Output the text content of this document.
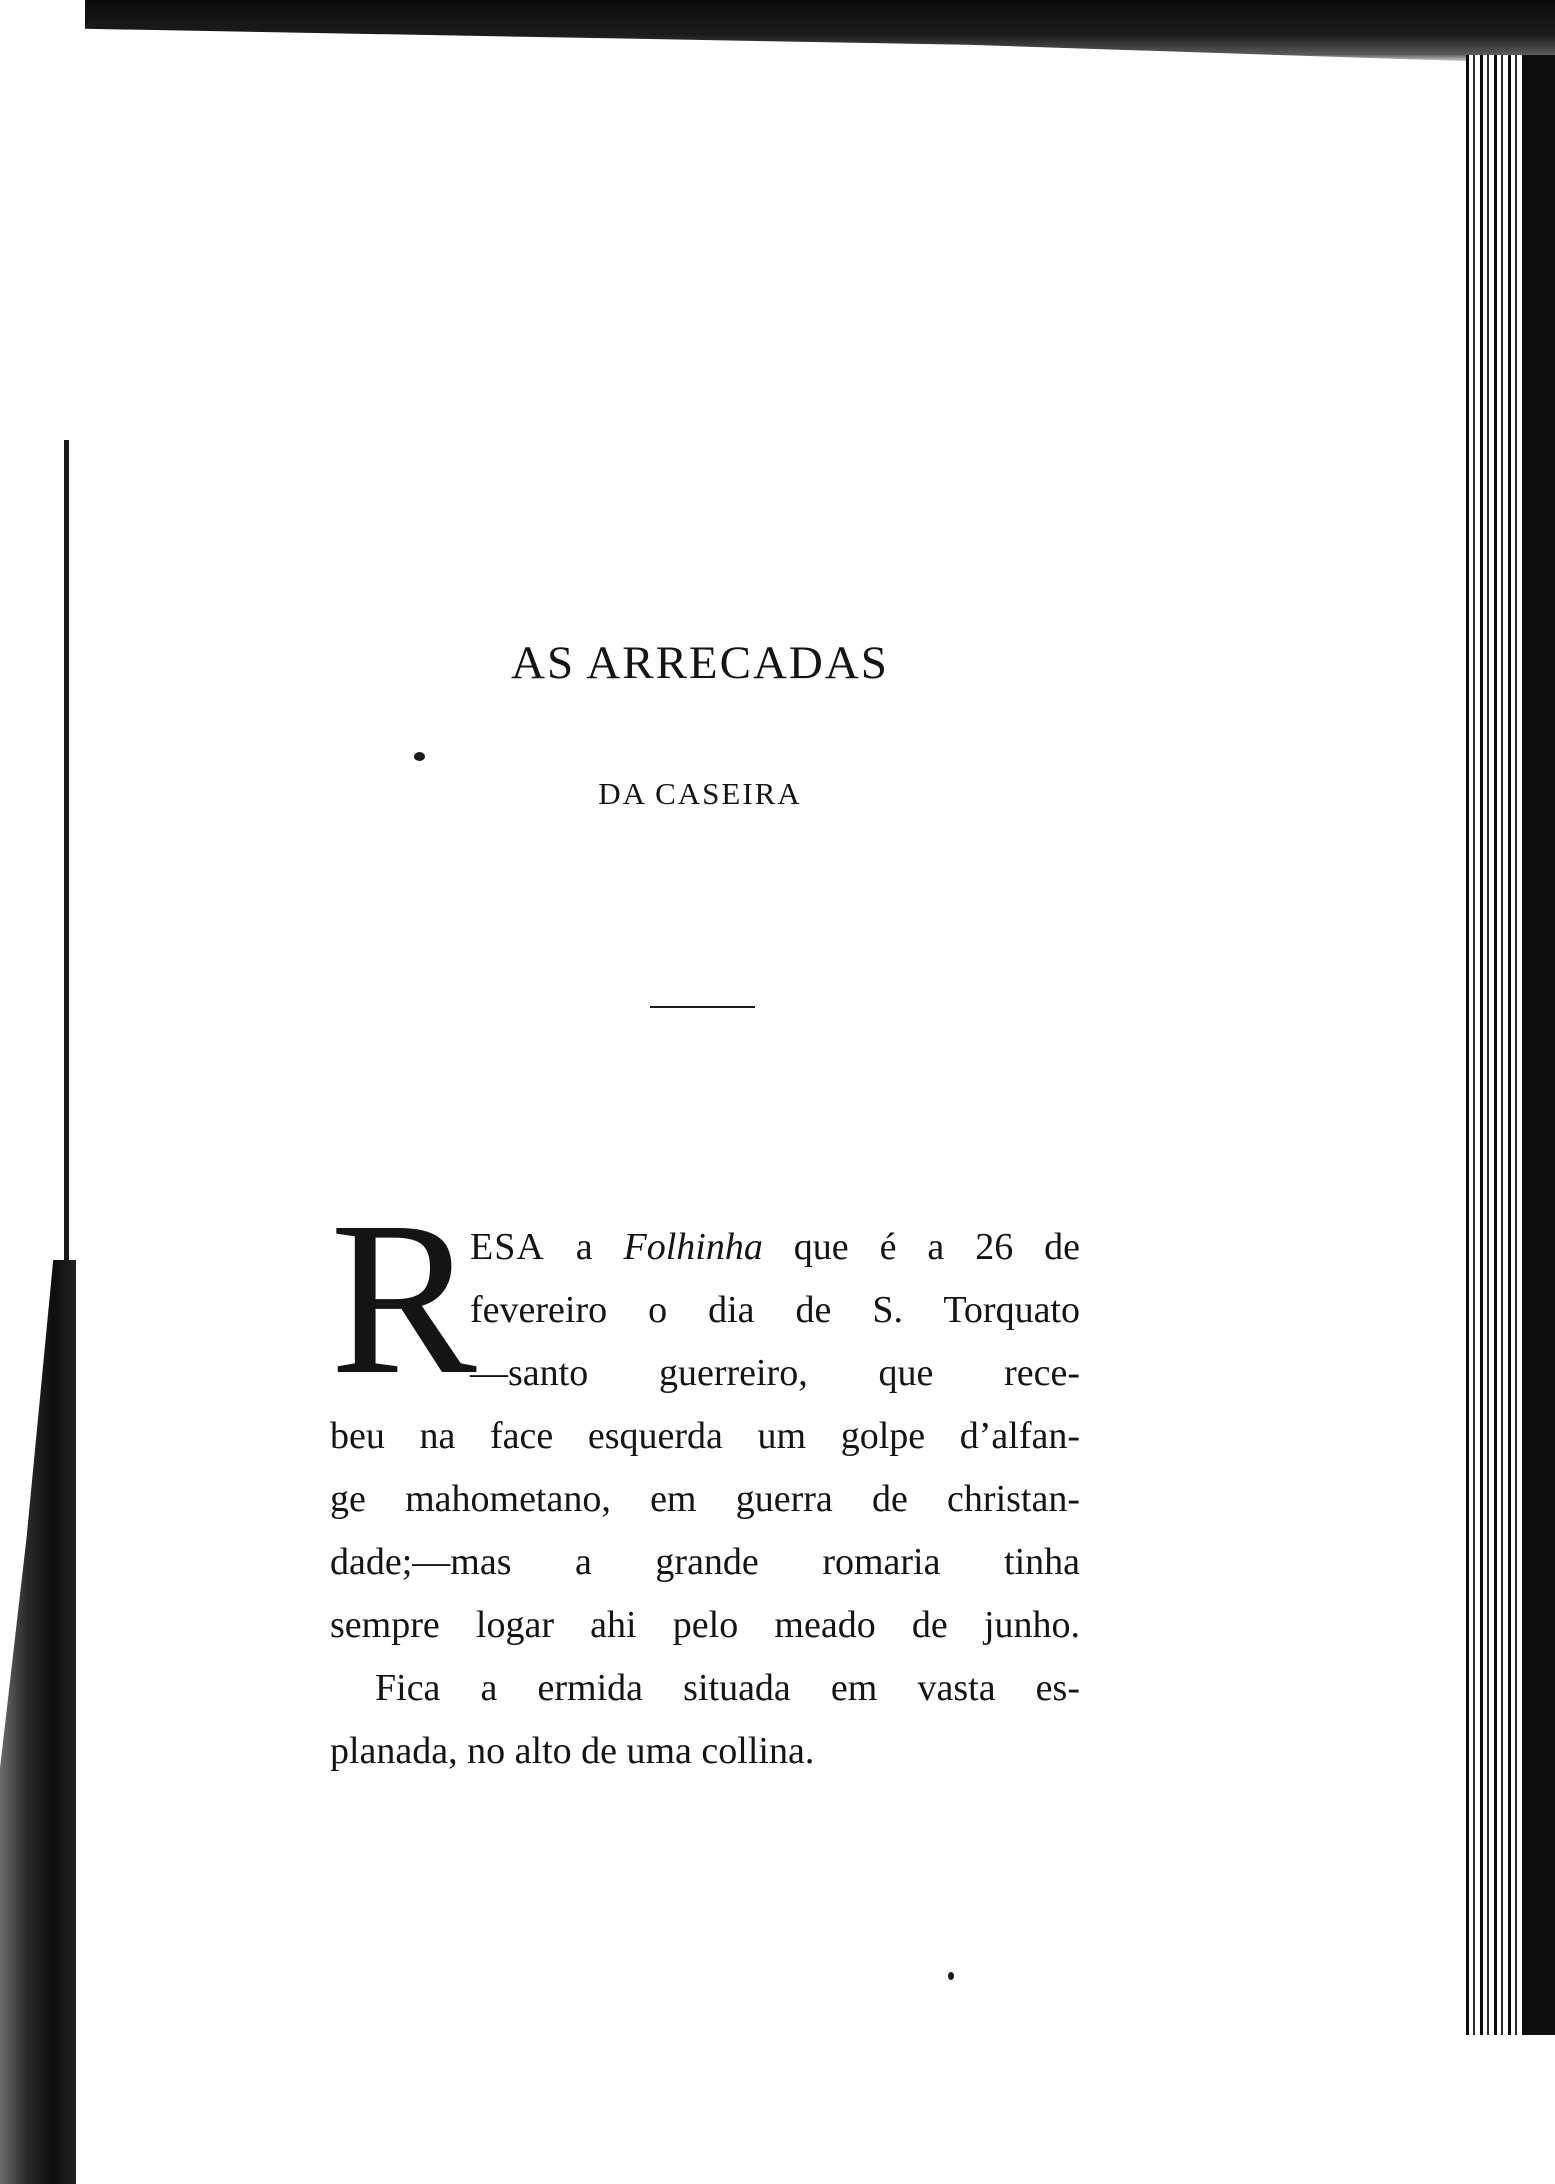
AS ARRECADAS
DA CASEIRA
R
ESA a Folhinha que é a 26 de
fevereiro o dia de S. Torquato
—santo guerreiro, que rece-
beu na face esquerda um golpe d’alfan-
ge mahometano, em guerra de christan-
dade;—mas a grande romaria tinha
sempre logar ahi pelo meado de junho.
Fica a ermida situada em vasta es-
planada, no alto de uma collina.
